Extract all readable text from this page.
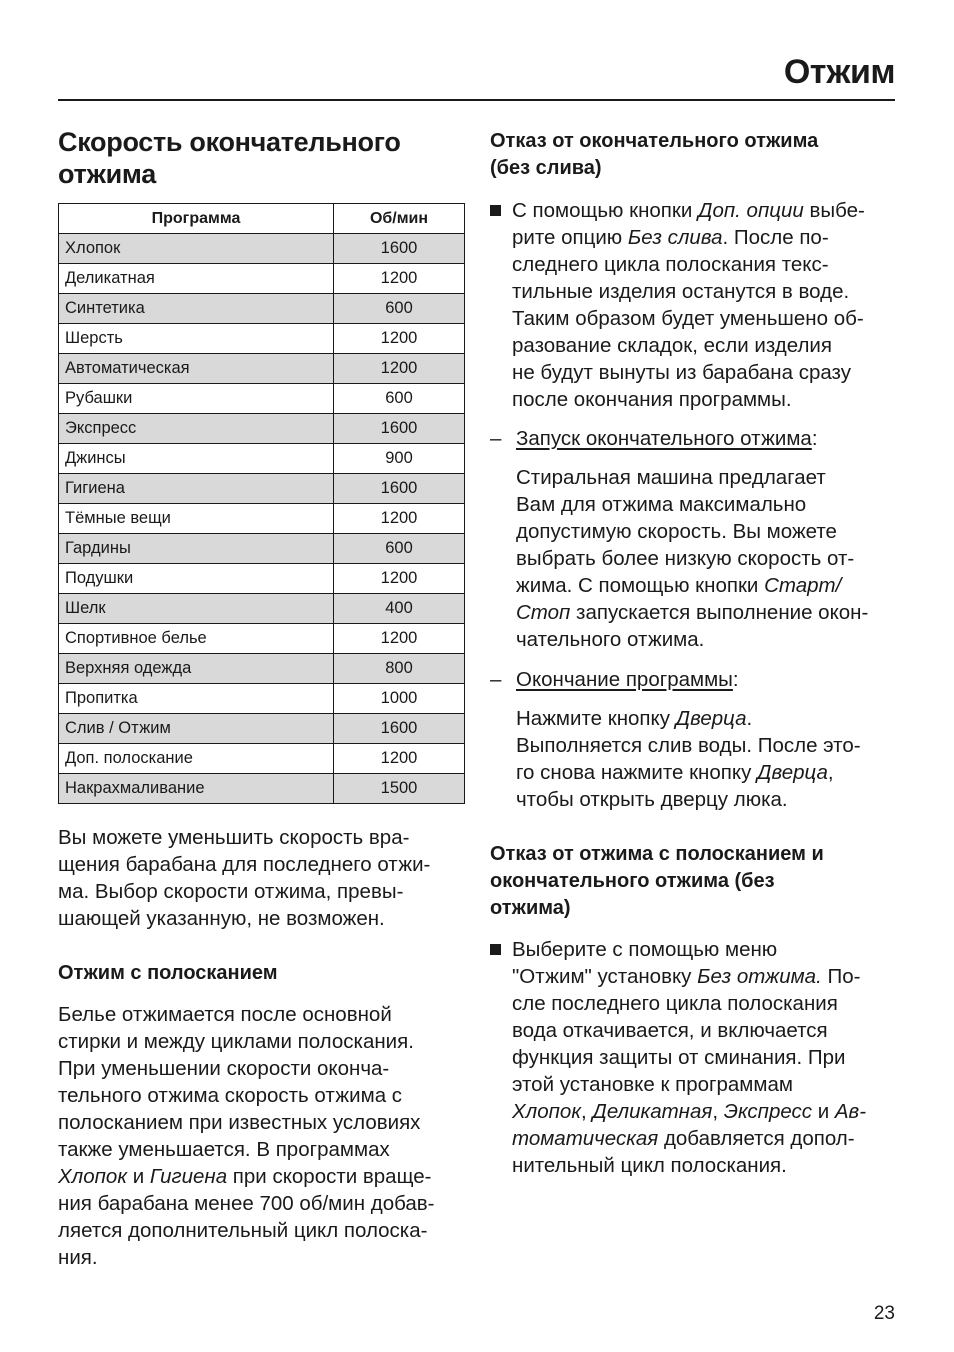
Отжим
Скорость окончательного
отжима
Программа	Об/мин
Хлопок	1600
Деликатная	1200
Синтетика	600
Шерсть	1200
Автоматическая	1200
Рубашки	600
Экспресс	1600
Джинсы	900
Гигиена	1600
Тёмные вещи	1200
Гардины	600
Подушки	1200
Шелк	400
Спортивное белье	1200
Верхняя одежда	800
Пропитка	1000
Слив / Отжим	1600
Доп. полоскание	1200
Накрахмаливание	1500

Вы можете уменьшить скорость вра-

щения барабана для последнего отжи-

ма. Выбор скорости отжима, превы-

шающей указанную, не возможен.

Отжим с полосканием

Белье отжимается после основной

стирки и между циклами полоскания.

При уменьшении скорости оконча-

тельного отжима скорость отжима с

полосканием при известных условиях

также уменьшается. В программах

Хлопок и Гигиена при скорости враще-

ния барабана менее 700 об/мин добав-

ляется дополнительный цикл полоска-

ния.

Отказ от окончательного отжима
(без слива)

С помощью кнопки Доп. опции выбе-

рите опцию Без слива. После по-

следнего цикла полоскания текс-

тильные изделия останутся в воде.

Таким образом будет уменьшено об-

разование складок, если изделия

не будут вынуты из барабана сразу

после окончания программы.

– Запуск окончательного отжима:

Стиральная машина предлагает

Вам для отжима максимально

допустимую скорость. Вы можете

выбрать более низкую скорость от-

жима. С помощью кнопки Старт/

Стоп запускается выполнение окон-

чательного отжима.

– Окончание программы:

Нажмите кнопку Дверца.

Выполняется слив воды. После это-

го снова нажмите кнопку Дверца,

чтобы открыть дверцу люка.

Отказ от отжима с полосканием и
окончательного отжима (без
отжима)

Выберите с помощью меню

"Отжим" установку Без отжима. По-

сле последнего цикла полоскания

вода откачивается, и включается

функция защиты от сминания. При

этой установке к программам

Хлопок, Деликатная, Экспресс и Ав-

томатическая добавляется допол-

нительный цикл полоскания.

23
